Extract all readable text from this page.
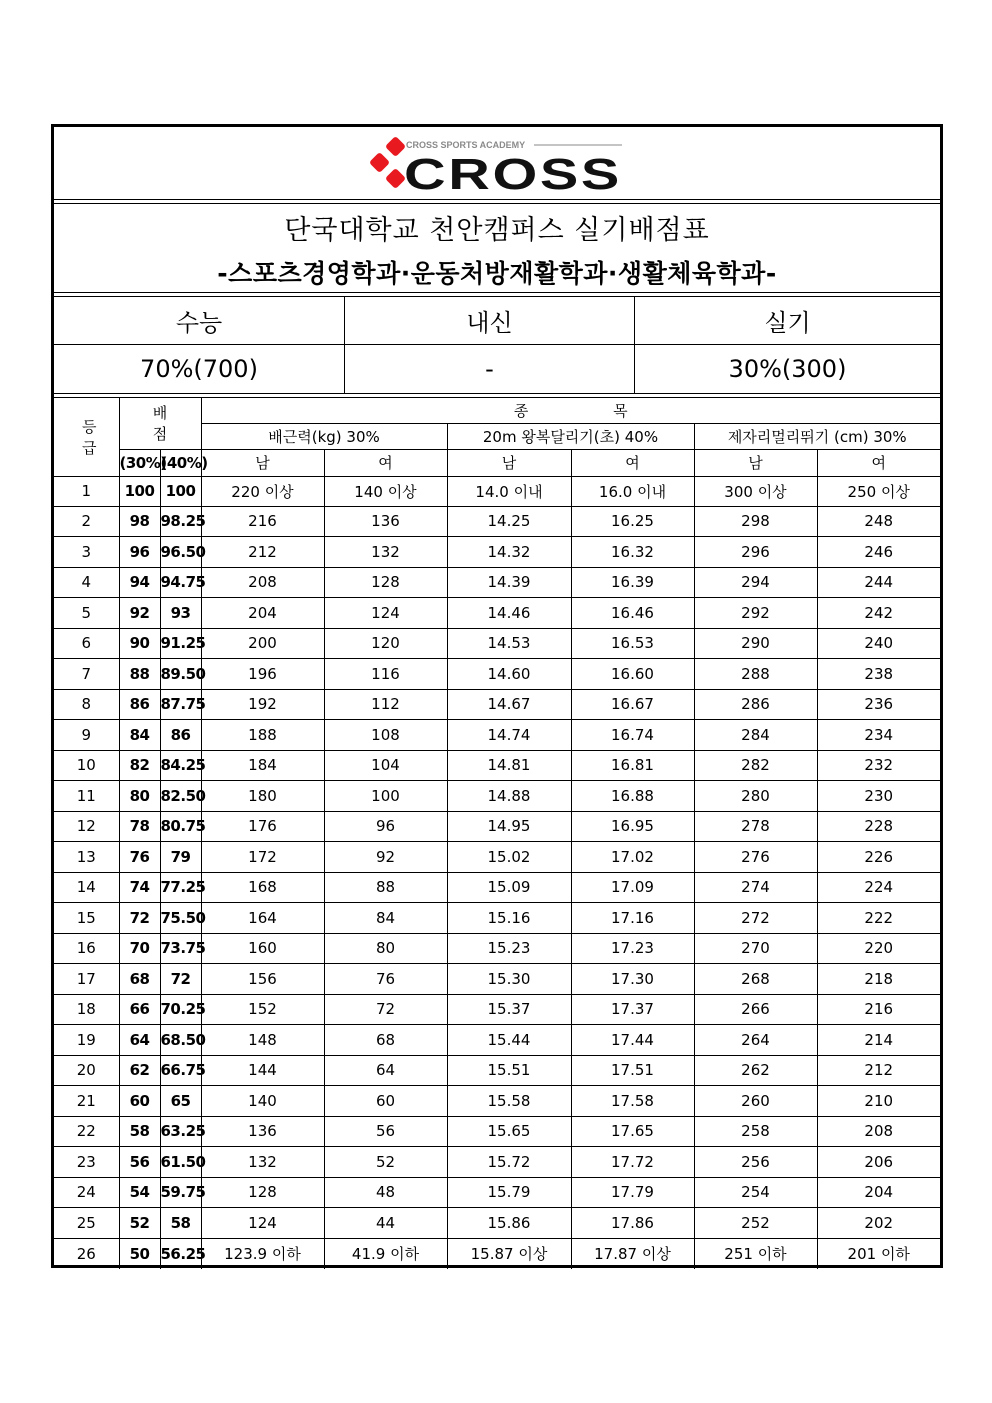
CROSS SPORTS ACADEMY
CROSS
단국대학교 천안캠퍼스 실기배점표
-스포츠경영학과·운동처방재활학과·생활체육학과-
수능	내신	실기
70%(700)	-	30%(300)
등 급	배 점		종 목					
			배근력(kg) 30%		20m 왕복달리기(초) 40%		제자리멀리뛰기 (cm) 30%	
	(30%)	(40%)	남	여	남	여	남	여
1	100	100	220 이상	140 이상	14.0 이내	16.0 이내	300 이상	250 이상
2	98	98.25	216	136	14.25	16.25	298	248
3	96	96.50	212	132	14.32	16.32	296	246
4	94	94.75	208	128	14.39	16.39	294	244
5	92	93	204	124	14.46	16.46	292	242
6	90	91.25	200	120	14.53	16.53	290	240
7	88	89.50	196	116	14.60	16.60	288	238
8	86	87.75	192	112	14.67	16.67	286	236
9	84	86	188	108	14.74	16.74	284	234
10	82	84.25	184	104	14.81	16.81	282	232
11	80	82.50	180	100	14.88	16.88	280	230
12	78	80.75	176	96	14.95	16.95	278	228
13	76	79	172	92	15.02	17.02	276	226
14	74	77.25	168	88	15.09	17.09	274	224
15	72	75.50	164	84	15.16	17.16	272	222
16	70	73.75	160	80	15.23	17.23	270	220
17	68	72	156	76	15.30	17.30	268	218
18	66	70.25	152	72	15.37	17.37	266	216
19	64	68.50	148	68	15.44	17.44	264	214
20	62	66.75	144	64	15.51	17.51	262	212
21	60	65	140	60	15.58	17.58	260	210
22	58	63.25	136	56	15.65	17.65	258	208
23	56	61.50	132	52	15.72	17.72	256	206
24	54	59.75	128	48	15.79	17.79	254	204
25	52	58	124	44	15.86	17.86	252	202
26	50	56.25	123.9 이하	41.9 이하	15.87 이상	17.87 이상	251 이하	201 이하
